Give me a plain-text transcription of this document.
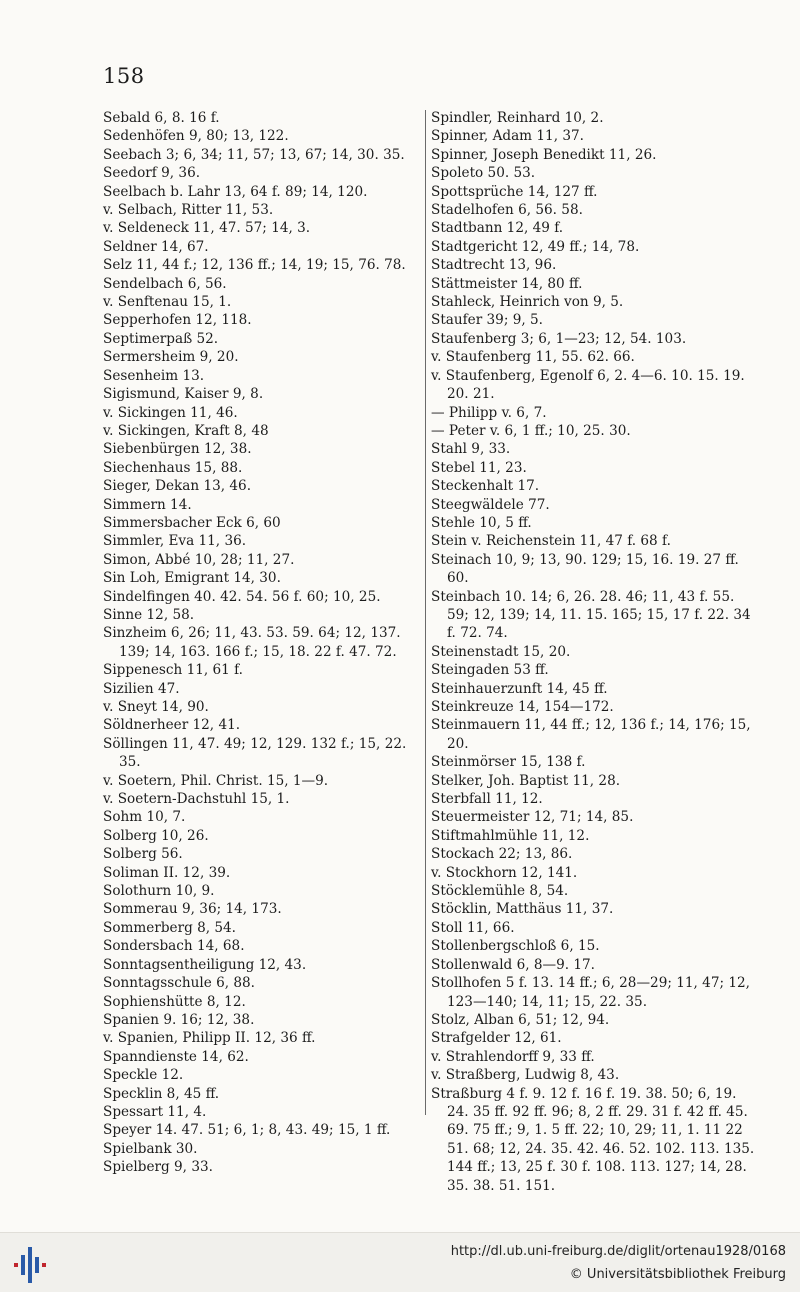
158
Sebald 6, 8. 16 f.
Sedenhöfen 9, 80; 13, 122.
Seebach 3; 6, 34; 11, 57; 13, 67; 14, 30. 35.
Seedorf 9, 36.
Seelbach b. Lahr 13, 64 f. 89; 14, 120.
v. Selbach, Ritter 11, 53.
v. Seldeneck 11, 47. 57; 14, 3.
Seldner 14, 67.
Selz 11, 44 f.; 12, 136 ff.; 14, 19; 15, 76. 78.
Sendelbach 6, 56.
v. Senftenau 15, 1.
Sepperhofen 12, 118.
Septimerpaß 52.
Sermersheim 9, 20.
Sesenheim 13.
Sigismund, Kaiser 9, 8.
v. Sickingen 11, 46.
v. Sickingen, Kraft 8, 48
Siebenbürgen 12, 38.
Siechenhaus 15, 88.
Sieger, Dekan 13, 46.
Simmern 14.
Simmersbacher Eck 6, 60
Simmler, Eva 11, 36.
Simon, Abbé 10, 28; 11, 27.
Sin Loh, Emigrant 14, 30.
Sindelfingen 40. 42. 54. 56 f. 60; 10, 25.
Sinne 12, 58.
Sinzheim 6, 26; 11, 43. 53. 59. 64; 12, 137. 139; 14, 163. 166 f.; 15, 18. 22 f. 47. 72.
Sippenesch 11, 61 f.
Sizilien 47.
v. Sneyt 14, 90.
Söldnerheer 12, 41.
Söllingen 11, 47. 49; 12, 129. 132 f.; 15, 22. 35.
v. Soetern, Phil. Christ. 15, 1—9.
v. Soetern-Dachstuhl 15, 1.
Sohm 10, 7.
Solberg 10, 26.
Solberg 56.
Soliman II. 12, 39.
Solothurn 10, 9.
Sommerau 9, 36; 14, 173.
Sommerberg 8, 54.
Sondersbach 14, 68.
Sonntagsentheiligung 12, 43.
Sonntagsschule 6, 88.
Sophienshütte 8, 12.
Spanien 9. 16; 12, 38.
v. Spanien, Philipp II. 12, 36 ff.
Spanndienste 14, 62.
Speckle 12.
Specklin 8, 45 ff.
Spessart 11, 4.
Speyer 14. 47. 51; 6, 1; 8, 43. 49; 15, 1 ff.
Spielbank 30.
Spielberg 9, 33.
Spindler, Reinhard 10, 2.
Spinner, Adam 11, 37.
Spinner, Joseph Benedikt 11, 26.
Spoleto 50. 53.
Spottsprüche 14, 127 ff.
Stadelhofen 6, 56. 58.
Stadtbann 12, 49 f.
Stadtgericht 12, 49 ff.; 14, 78.
Stadtrecht 13, 96.
Stättmeister 14, 80 ff.
Stahleck, Heinrich von 9, 5.
Staufer 39; 9, 5.
Staufenberg 3; 6, 1—23; 12, 54. 103.
v. Staufenberg 11, 55. 62. 66.
v. Staufenberg, Egenolf 6, 2. 4—6. 10. 15. 19. 20. 21.
— Philipp v. 6, 7.
— Peter v. 6, 1 ff.; 10, 25. 30.
Stahl 9, 33.
Stebel 11, 23.
Steckenhalt 17.
Steegwäldele 77.
Stehle 10, 5 ff.
Stein v. Reichenstein 11, 47 f. 68 f.
Steinach 10, 9; 13, 90. 129; 15, 16. 19. 27 ff. 60.
Steinbach 10. 14; 6, 26. 28. 46; 11, 43 f. 55. 59; 12, 139; 14, 11. 15. 165; 15, 17 f. 22. 34 f. 72. 74.
Steinenstadt 15, 20.
Steingaden 53 ff.
Steinhauerzunft 14, 45 ff.
Steinkreuze 14, 154—172.
Steinmauern 11, 44 ff.; 12, 136 f.; 14, 176; 15, 20.
Steinmörser 15, 138 f.
Stelker, Joh. Baptist 11, 28.
Sterbfall 11, 12.
Steuermeister 12, 71; 14, 85.
Stiftmahlmühle 11, 12.
Stockach 22; 13, 86.
v. Stockhorn 12, 141.
Stöcklemühle 8, 54.
Stöcklin, Matthäus 11, 37.
Stoll 11, 66.
Stollenbergschloß 6, 15.
Stollenwald 6, 8—9. 17.
Stollhofen 5 f. 13. 14 ff.; 6, 28—29; 11, 47; 12, 123—140; 14, 11; 15, 22. 35.
Stolz, Alban 6, 51; 12, 94.
Strafgelder 12, 61.
v. Strahlendorff 9, 33 ff.
v. Straßberg, Ludwig 8, 43.
Straßburg 4 f. 9. 12 f. 16 f. 19. 38. 50; 6, 19. 24. 35 ff. 92 ff. 96; 8, 2 ff. 29. 31 f. 42 ff. 45. 69. 75 ff.; 9, 1. 5 ff. 22; 10, 29; 11, 1. 11 22 51. 68; 12, 24. 35. 42. 46. 52. 102. 113. 135. 144 ff.; 13, 25 f. 30 f. 108. 113. 127; 14, 28. 35. 38. 51. 151.
http://dl.ub.uni-freiburg.de/diglit/ortenau1928/0168
© Universitätsbibliothek Freiburg
